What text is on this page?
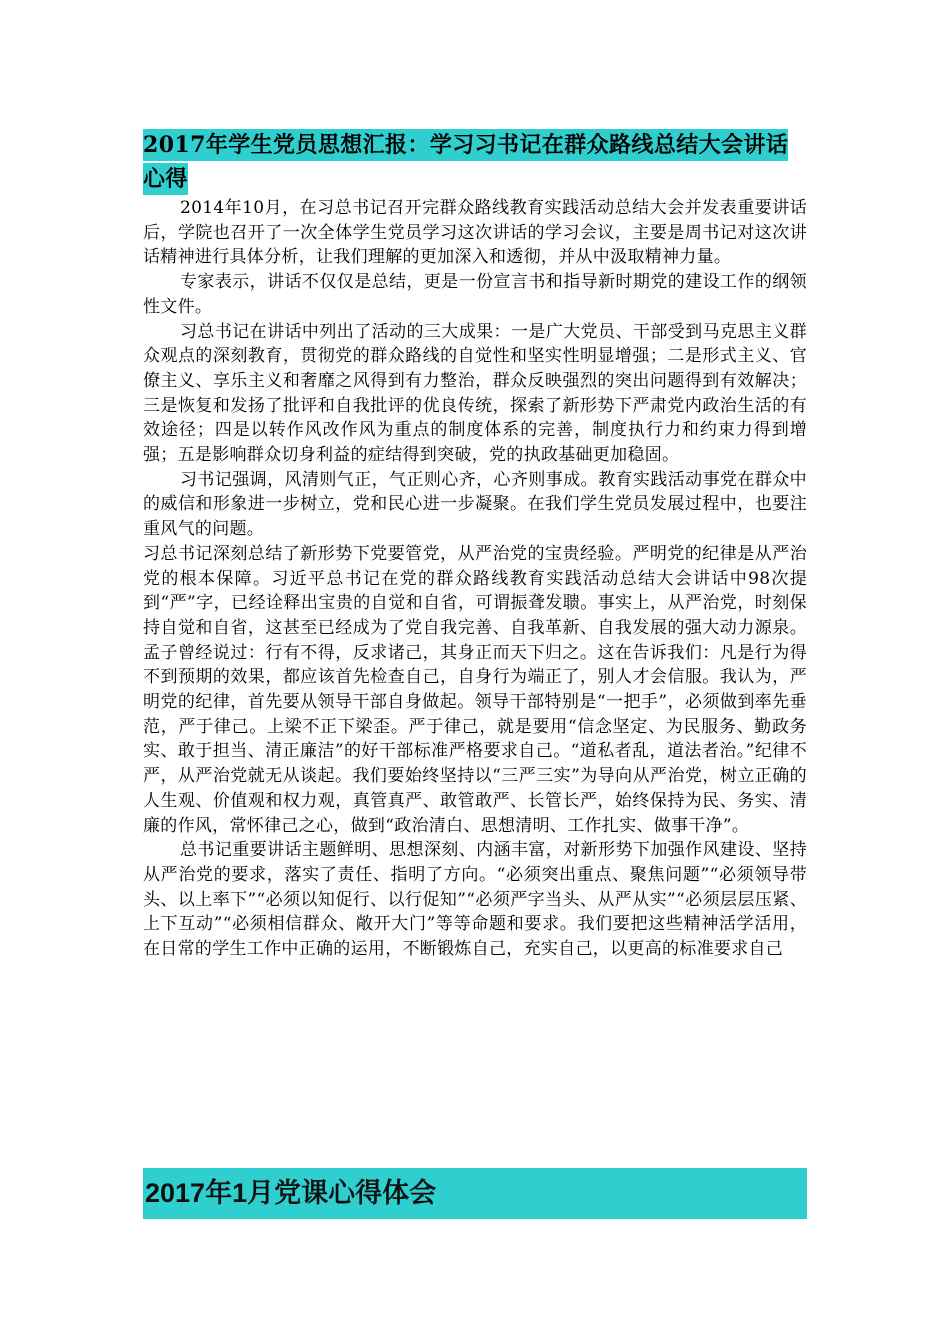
2017年学生党员思想汇报：学习习书记在群众路线总结大会讲话心得

2014年10月，在习总书记召开完群众路线教育实践活动总结大会并发表重要讲话后，学院也召开了一次全体学生党员学习这次讲话的学习会议，主要是周书记对这次讲话精神进行具体分析，让我们理解的更加深入和透彻，并从中汲取精神力量。

专家表示，讲话不仅仅是总结，更是一份宣言书和指导新时期党的建设工作的纲领性文件。

习总书记在讲话中列出了活动的三大成果：一是广大党员、干部受到马克思主义群众观点的深刻教育，贯彻党的群众路线的自觉性和坚实性明显增强；二是形式主义、官僚主义、享乐主义和奢靡之风得到有力整治，群众反映强烈的突出问题得到有效解决；三是恢复和发扬了批评和自我批评的优良传统，探索了新形势下严肃党内政治生活的有效途径；四是以转作风改作风为重点的制度体系的完善，制度执行力和约束力得到增强；五是影响群众切身利益的症结得到突破，党的执政基础更加稳固。

习书记强调，风清则气正，气正则心齐，心齐则事成。教育实践活动事党在群众中的威信和形象进一步树立，党和民心进一步凝聚。在我们学生党员发展过程中，也要注重风气的问题。

习总书记深刻总结了新形势下党要管党，从严治党的宝贵经验。严明党的纪律是从严治党的根本保障。习近平总书记在党的群众路线教育实践活动总结大会讲话中98次提到“严”字，已经诠释出宝贵的自觉和自省，可谓振聋发聩。事实上，从严治党，时刻保持自觉和自省，这甚至已经成为了党自我完善、自我革新、自我发展的强大动力源泉。孟子曾经说过：行有不得，反求诸己，其身正而天下归之。这在告诉我们：凡是行为得不到预期的效果，都应该首先检查自己，自身行为端正了，别人才会信服。我认为，严明党的纪律，首先要从领导干部自身做起。领导干部特别是“一把手”，必须做到率先垂范，严于律己。上梁不正下梁歪。严于律己，就是要用“信念坚定、为民服务、勤政务实、敢于担当、清正廉洁”的好干部标准严格要求自己。“道私者乱，道法者治。”纪律不严，从严治党就无从谈起。我们要始终坚持以“三严三实”为导向从严治党，树立正确的人生观、价值观和权力观，真管真严、敢管敢严、长管长严，始终保持为民、务实、清廉的作风，常怀律己之心，做到“政治清白、思想清明、工作扎实、做事干净”。

总书记重要讲话主题鲜明、思想深刻、内涵丰富，对新形势下加强作风建设、坚持从严治党的要求，落实了责任、指明了方向。“必须突出重点、聚焦问题”“必须领导带头、以上率下”“必须以知促行、以行促知”“必须严字当头、从严从实”“必须层层压紧、上下互动”“必须相信群众、敞开大门”等等命题和要求。我们要把这些精神活学活用，在日常的学生工作中正确的运用，不断锻炼自己，充实自己，以更高的标准要求自己

2017年1月党课心得体会
